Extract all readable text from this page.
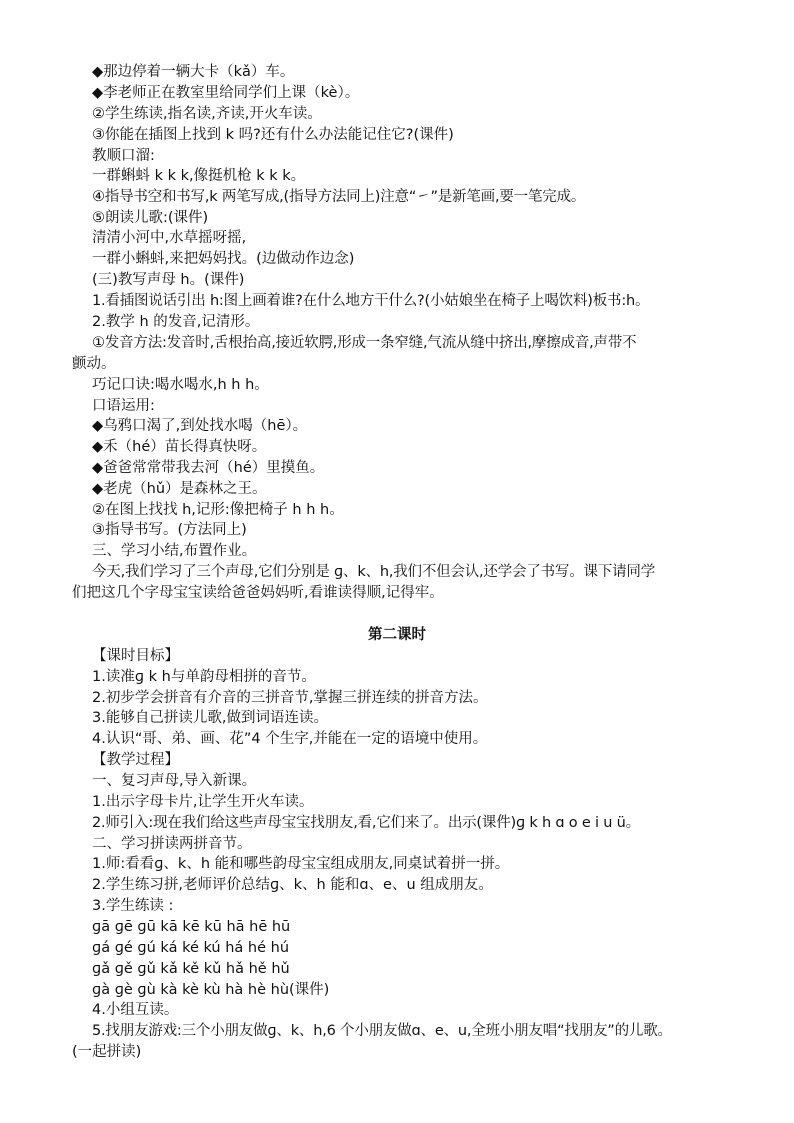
◆那边停着一辆大卡（kǎ）车。
◆李老师正在教室里给同学们上课（kè）。
②学生练读,指名读,齐读,开火车读。
③你能在插图上找到 k 吗?还有什么办法能记住它?(课件)
教顺口溜:
一群蝌蚪 k k k,像挺机枪 k k k。
④指导书空和书写,k 两笔写成,(指导方法同上)注意“㇀”是新笔画,要一笔完成。
⑤朗读儿歌:(课件)
清清小河中,水草摇呀摇,
一群小蝌蚪,来把妈妈找。(边做动作边念)
(三)教写声母 h。(课件)
1.看插图说话引出 h:图上画着谁?在什么地方干什么?(小姑娘坐在椅子上喝饮料)板书:h。
2.教学 h 的发音,记清形。
①发音方法:发音时,舌根抬高,接近软腭,形成一条窄缝,气流从缝中挤出,摩擦成音,声带不
颤动。
巧记口诀:喝水喝水,h h h。
口语运用:
◆乌鸦口渴了,到处找水喝（hē）。
◆禾（hé）苗长得真快呀。
◆爸爸常常带我去河（hé）里摸鱼。
◆老虎（hǔ）是森林之王。
②在图上找找 h,记形:像把椅子 h h h。
③指导书写。(方法同上)
三、学习小结,布置作业。
今天,我们学习了三个声母,它们分别是 ɡ、k、h,我们不但会认,还学会了书写。课下请同学
们把这几个字母宝宝读给爸爸妈妈听,看谁读得顺,记得牢。
第二课时
【课时目标】
1.读准ɡ k h与单韵母相拼的音节。
2.初步学会拼音有介音的三拼音节,掌握三拼连续的拼音方法。
3.能够自己拼读儿歌,做到词语连读。
4.认识“哥、弟、画、花”4 个生字,并能在一定的语境中使用。
【教学过程】
一、复习声母,导入新课。
1.出示字母卡片,让学生开火车读。
2.师引入:现在我们给这些声母宝宝找朋友,看,它们来了。出示(课件)ɡ k h ɑ o e i u ü。
二、学习拼读两拼音节。
1.师:看看ɡ、k、h 能和哪些韵母宝宝组成朋友,同桌试着拼一拼。
2.学生练习拼,老师评价总结ɡ、k、h 能和ɑ、e、u 组成朋友。
3.学生练读 :
ɡā ɡē ɡū kā kē kū hā hē hū
ɡá ɡé ɡú ká ké kú há hé hú
ɡǎ ɡě ɡǔ kǎ kě kǔ hǎ hě hǔ
ɡà ɡè ɡù kà kè kù hà hè hù(课件)
4.小组互读。
5.找朋友游戏:三个小朋友做ɡ、k、h,6 个小朋友做ɑ、e、u,全班小朋友唱“找朋友”的儿歌。
(一起拼读)
